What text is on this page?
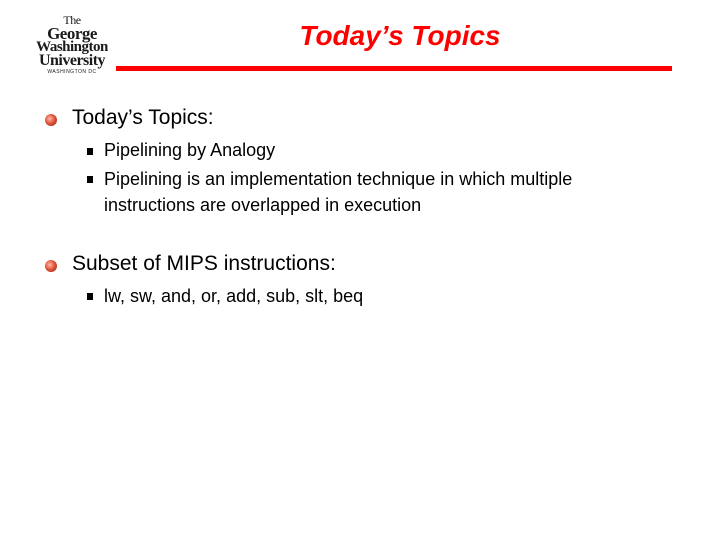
The
George
Washington
University
WASHINGTON DC
Today’s Topics
Today’s Topics:
Pipelining by Analogy
Pipelining is an implementation technique in which multiple instructions are overlapped in execution
Subset of MIPS instructions:
lw, sw, and, or, add, sub, slt, beq
